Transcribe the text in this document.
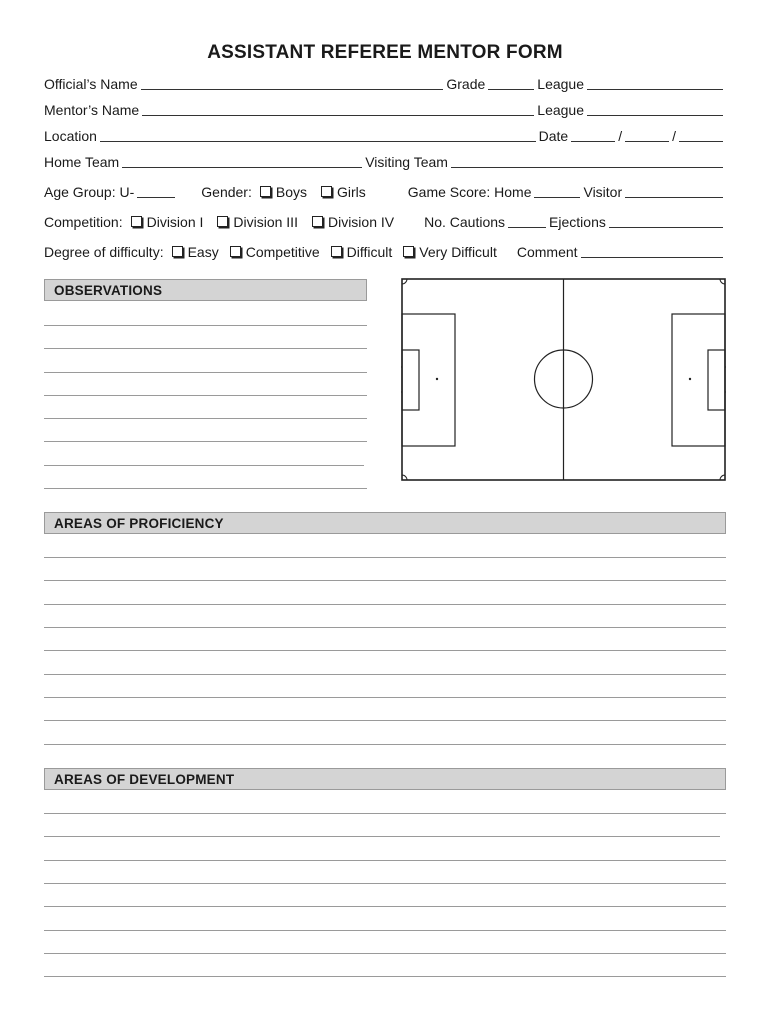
ASSISTANT REFEREE MENTOR FORM
Official’s Name	Grade	League
Mentor’s Name	League
Location	Date	/	/
Home Team	Visiting Team
Age Group: U-	Gender: Boys Girls	Game Score: Home	Visitor
Competition: Division I Division III Division IV No. Cautions	Ejections
Degree of difficulty: Easy Competitive Difficult Very Difficult Comment
OBSERVATIONS
AREAS OF PROFICIENCY
AREAS OF DEVELOPMENT
